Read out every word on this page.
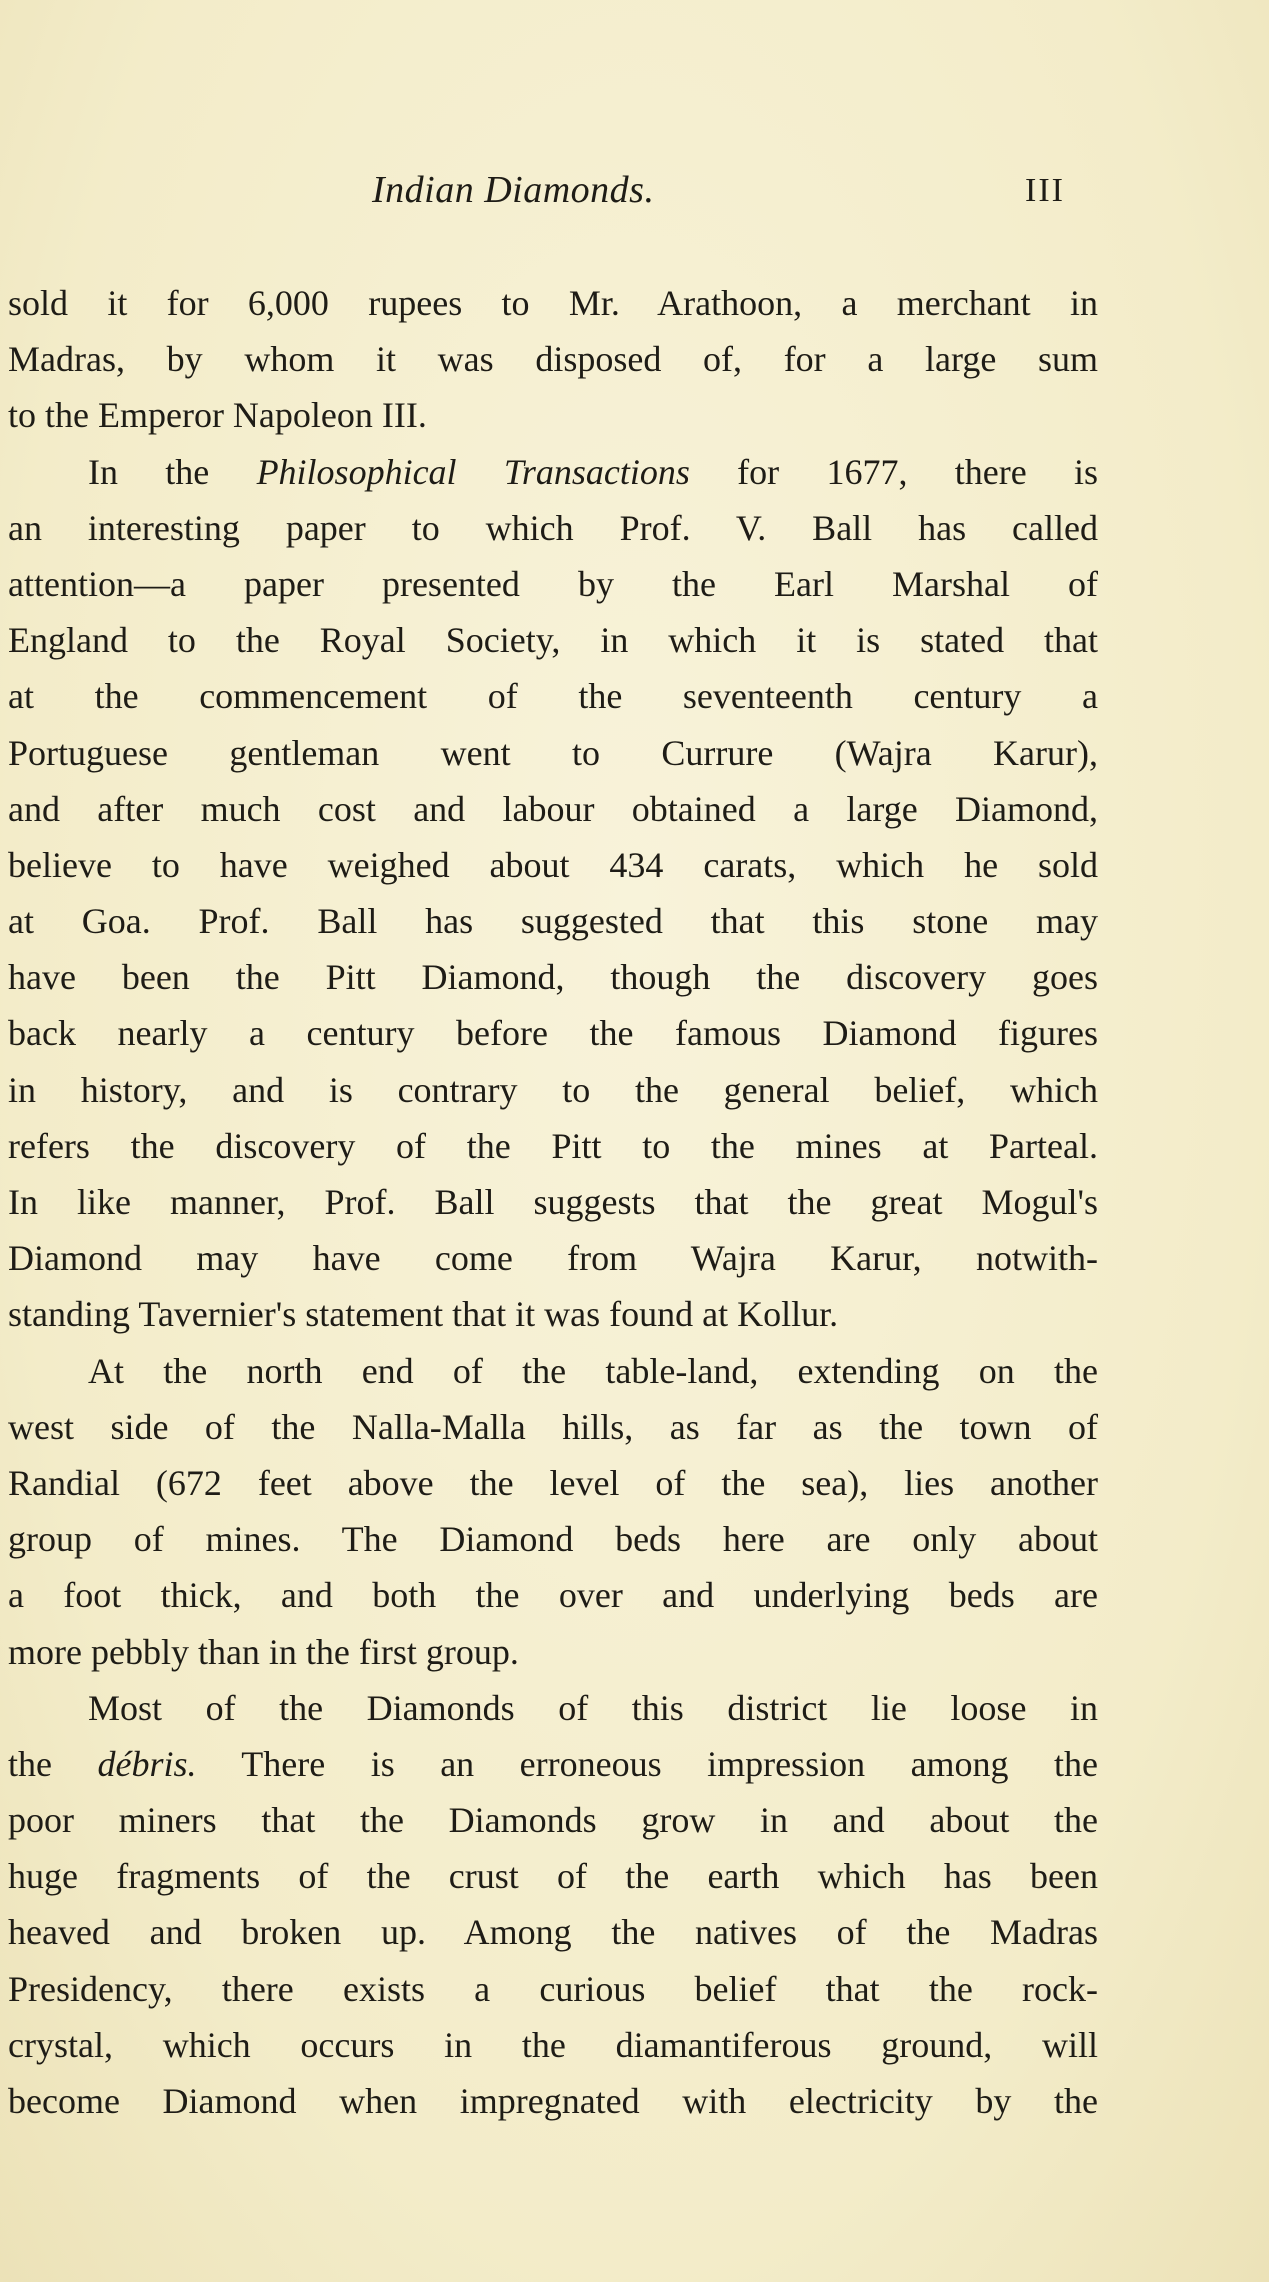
Indian Diamonds.	III
sold it for 6,000 rupees to Mr. Arathoon, a merchant in
Madras, by whom it was disposed of, for a large sum
to the Emperor Napoleon III.
In the Philosophical Transactions for 1677, there is
an interesting paper to which Prof. V. Ball has called
attention—a paper presented by the Earl Marshal of
England to the Royal Society, in which it is stated that
at the commencement of the seventeenth century a
Portuguese gentleman went to Currure (Wajra Karur),
and after much cost and labour obtained a large Diamond,
believe to have weighed about 434 carats, which he sold
at Goa. Prof. Ball has suggested that this stone may
have been the Pitt Diamond, though the discovery goes
back nearly a century before the famous Diamond figures
in history, and is contrary to the general belief, which
refers the discovery of the Pitt to the mines at Parteal.
In like manner, Prof. Ball suggests that the great Mogul's
Diamond may have come from Wajra Karur, notwith-
standing Tavernier's statement that it was found at Kollur.
At the north end of the table-land, extending on the
west side of the Nalla-Malla hills, as far as the town of
Randial (672 feet above the level of the sea), lies another
group of mines. The Diamond beds here are only about
a foot thick, and both the over and underlying beds are
more pebbly than in the first group.
Most of the Diamonds of this district lie loose in
the débris. There is an erroneous impression among the
poor miners that the Diamonds grow in and about the
huge fragments of the crust of the earth which has been
heaved and broken up. Among the natives of the Madras
Presidency, there exists a curious belief that the rock-
crystal, which occurs in the diamantiferous ground, will
become Diamond when impregnated with electricity by the
